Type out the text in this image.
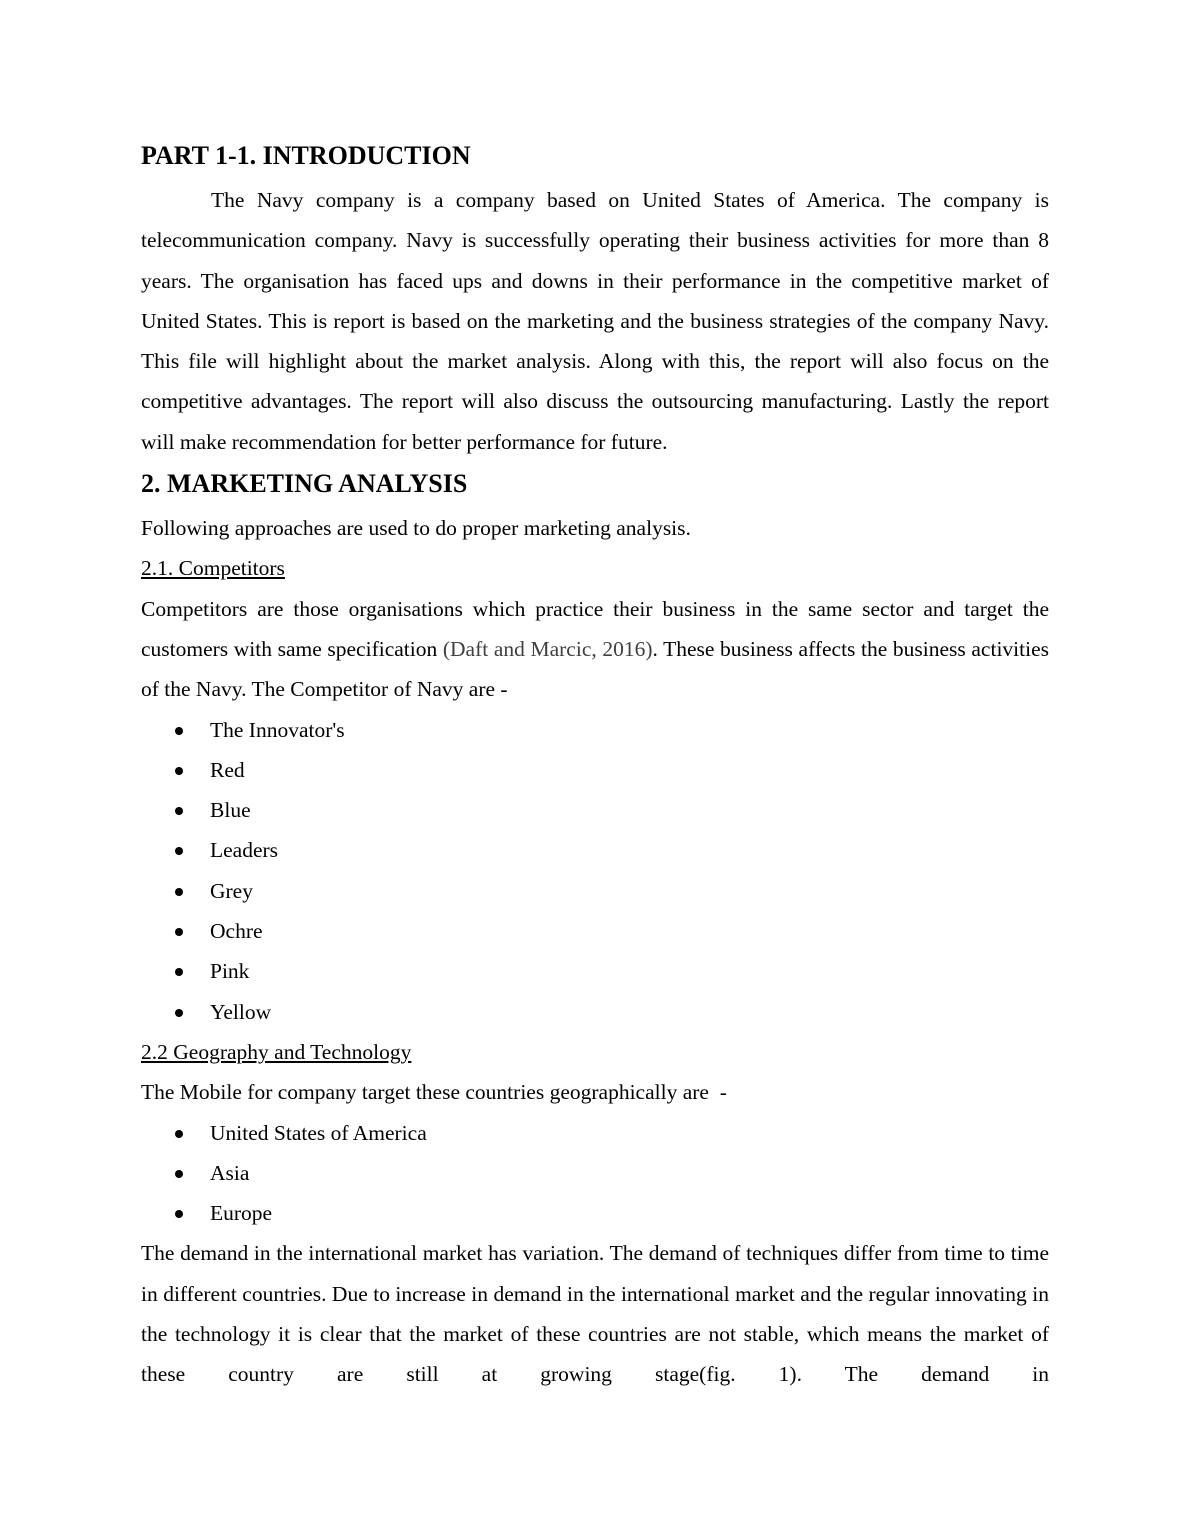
PART 1-1. INTRODUCTION

The Navy company is a company based on United States of America. The company is telecommunication company. Navy is successfully operating their business activities for more than 8 years. The organisation has faced ups and downs in their performance in the competitive market of United States. This is report is based on the marketing and the business strategies of the company Navy. This file will highlight about the market analysis. Along with this, the report will also focus on the competitive advantages. The report will also discuss the outsourcing manufacturing. Lastly the report will make recommendation for better performance for future.

2. MARKETING ANALYSIS

Following approaches are used to do proper marketing analysis.

2.1. Competitors

Competitors are those organisations which practice their business in the same sector and target the customers with same specification (Daft and Marcic, 2016). These business affects the business activities of the Navy. The Competitor of Navy are -

The Innovator's
Red
Blue
Leaders
Grey
Ochre
Pink
Yellow

2.2 Geography and Technology

The Mobile for company target these countries geographically are  -

United States of America
Asia
Europe

The demand in the international market has variation. The demand of techniques differ from time to time in different countries. Due to increase in demand in the international market and the regular innovating in the technology it is clear that the market of these countries are not stable, which means the market of these country are still at growing stage(fig. 1). The demand in
